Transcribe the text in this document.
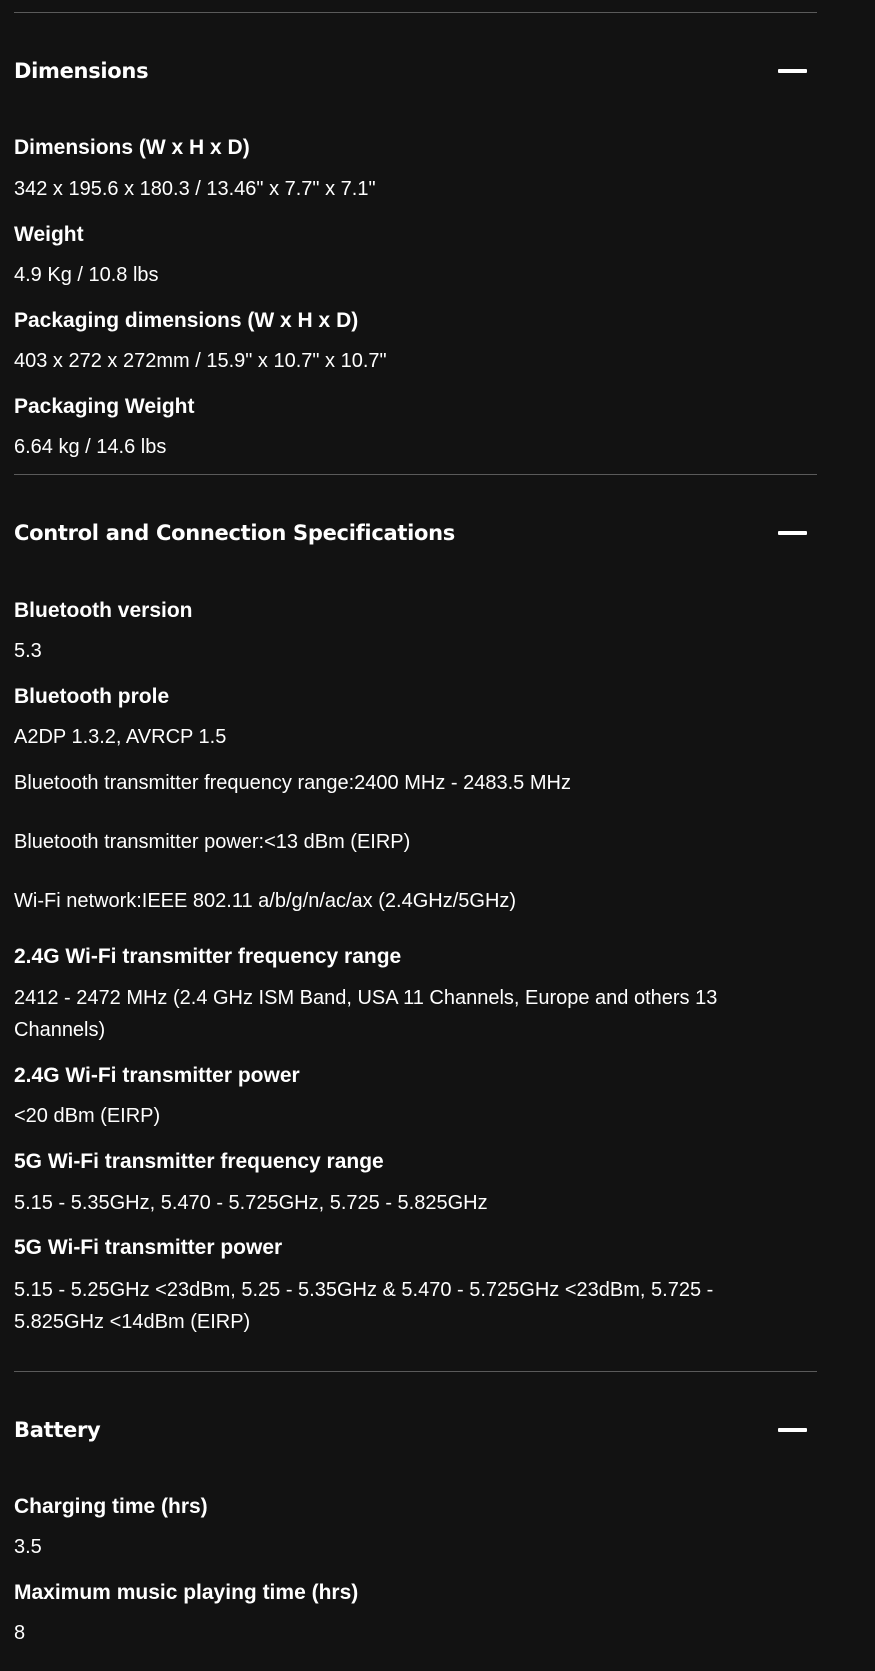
Dimensions
Dimensions (W x H x D)
342 x 195.6 x 180.3 / 13.46" x 7.7" x 7.1"
Weight
4.9 Kg / 10.8 lbs
Packaging dimensions (W x H x D)
403 x 272 x 272mm / 15.9" x 10.7" x 10.7"
Packaging Weight
6.64 kg / 14.6 lbs
Control and Connection Specifications
Bluetooth version
5.3
Bluetooth prole
A2DP 1.3.2, AVRCP 1.5
Bluetooth transmitter frequency range:2400 MHz - 2483.5 MHz
Bluetooth transmitter power:<13 dBm (EIRP)
Wi-Fi network:IEEE 802.11 a/b/g/n/ac/ax (2.4GHz/5GHz)
2.4G Wi-Fi transmitter frequency range
2412 - 2472 MHz (2.4 GHz ISM Band, USA 11 Channels, Europe and others 13 Channels)
2.4G Wi-Fi transmitter power
<20 dBm (EIRP)
5G Wi-Fi transmitter frequency range
5.15 - 5.35GHz, 5.470 - 5.725GHz, 5.725 - 5.825GHz
5G Wi-Fi transmitter power
5.15 - 5.25GHz <23dBm, 5.25 - 5.35GHz & 5.470 - 5.725GHz <23dBm, 5.725 - 5.825GHz <14dBm (EIRP)
Battery
Charging time (hrs)
3.5
Maximum music playing time (hrs)
8
